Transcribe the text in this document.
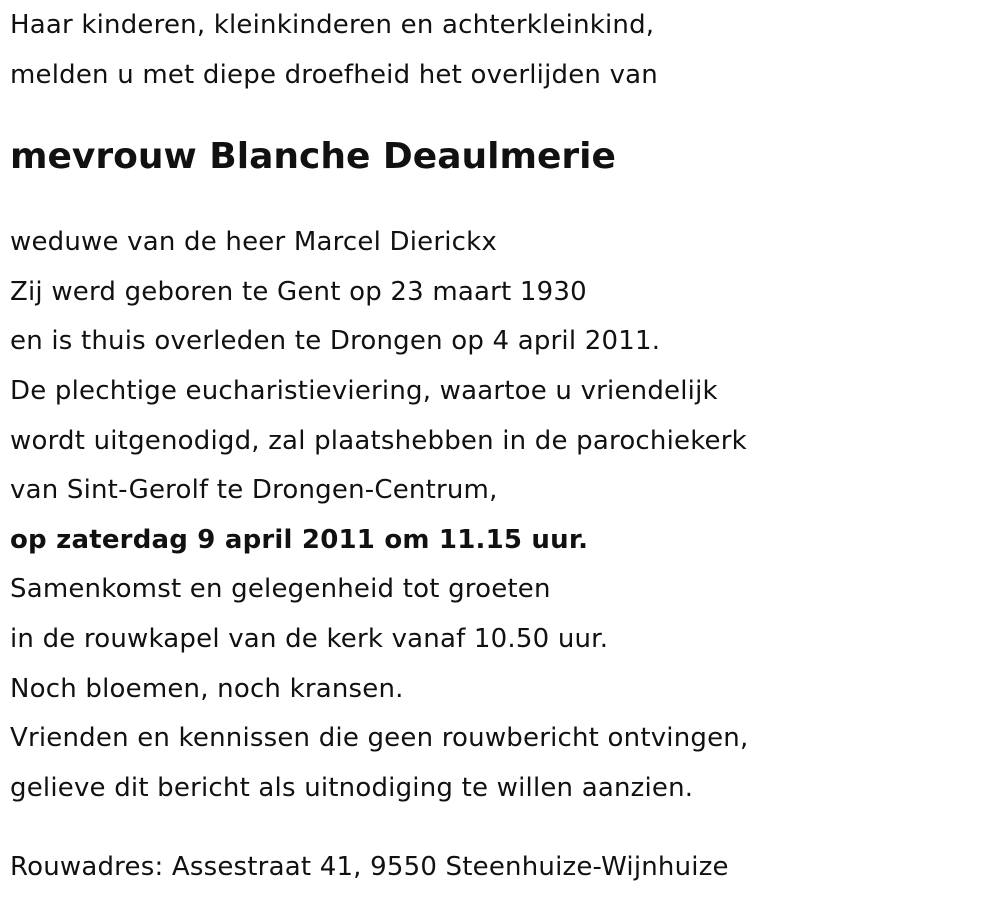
Haar kinderen, kleinkinderen en achterkleinkind,
melden u met diepe droefheid het overlijden van
mevrouw Blanche Deaulmerie
weduwe van de heer Marcel Dierickx
Zij werd geboren te Gent op 23 maart 1930
en is thuis overleden te Drongen op 4 april 2011.
De plechtige eucharistieviering, waartoe u vriendelijk
wordt uitgenodigd, zal plaatshebben in de parochiekerk
van Sint-Gerolf te Drongen-Centrum,
op zaterdag 9 april 2011 om 11.15 uur.
Samenkomst en gelegenheid tot groeten
in de rouwkapel van de kerk vanaf 10.50 uur.
Noch bloemen, noch kransen.
Vrienden en kennissen die geen rouwbericht ontvingen,
gelieve dit bericht als uitnodiging te willen aanzien.
Rouwadres: Assestraat 41, 9550 Steenhuize-Wijnhuize
